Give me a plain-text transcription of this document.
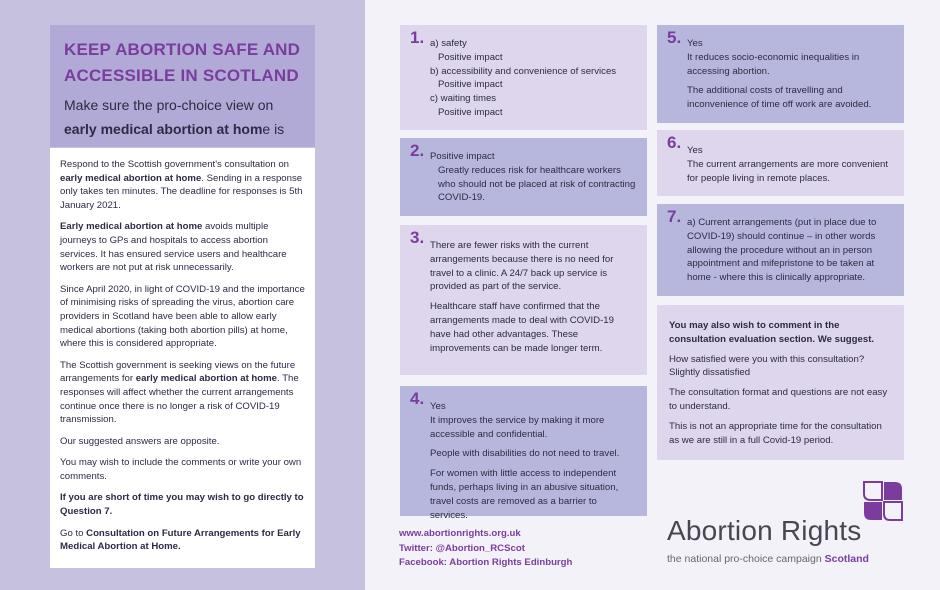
KEEP ABORTION SAFE AND
ACCESSIBLE IN SCOTLAND
Make sure the pro-choice view on early medical abortion at home is

Respond to the Scottish government's consultation on early medical abortion at home. Sending in a response only takes ten minutes. The deadline for responses is 5th January 2021.

Early medical abortion at home avoids multiple journeys to GPs and hospitals to access abortion services. It has ensured service users and healthcare workers are not put at risk unnecessarily.

Since April 2020, in light of COVID-19 and the importance of minimising risks of spreading the virus, abortion care providers in Scotland have been able to allow early medical abortions (taking both abortion pills) at home, where this is considered appropriate.

The Scottish government is seeking views on the future arrangements for early medical abortion at home. The responses will affect whether the current arrangements continue once there is no longer a risk of COVID-19 transmission.

Our suggested answers are opposite.

You may wish to include the comments or write your own comments.

If you are short of time you may wish to go directly to Question 7.

Go to Consultation on Future Arrangements for Early Medical Abortion at Home.

1. a) safety
Positive impact
b) accessibility and convenience of services
Positive impact
c) waiting times
Positive impact
2. Positive impact
Greatly reduces risk for healthcare workers who should not be placed at risk of contracting COVID-19.
3. There are fewer risks with the current arrangements because there is no need for travel to a clinic. A 24/7 back up service is provided as part of the service.

Healthcare staff have confirmed that the arrangements made to deal with COVID-19 have had other advantages. These improvements can be made longer term.

4. Yes

It improves the service by making it more accessible and confidential.

People with disabilities do not need to travel.

For women with little access to independent funds, perhaps living in an abusive situation, travel costs are removed as a barrier to services.

5. Yes

It reduces socio-economic inequalities in accessing abortion.

The additional costs of travelling and inconvenience of time off work are avoided.

6. Yes
The current arrangements are more convenient for people living in remote places.
7. a) Current arrangements (put in place due to COVID-19) should continue – in other words allowing the procedure without an in person appointment and mifepristone to be taken at home - where this is clinically appropriate.

You may also wish to comment in the consultation evaluation section. We suggest.

How satisfied were you with this consultation? Slightly dissatisfied

The consultation format and questions are not easy to understand.

This is not an appropriate time for the consultation as we are still in a full Covid-19 period.

www.abortionrights.org.uk
Twitter: @Abortion_RCScot
Facebook: Abortion Rights Edinburgh
Abortion Rights
the national pro-choice campaign Scotland
